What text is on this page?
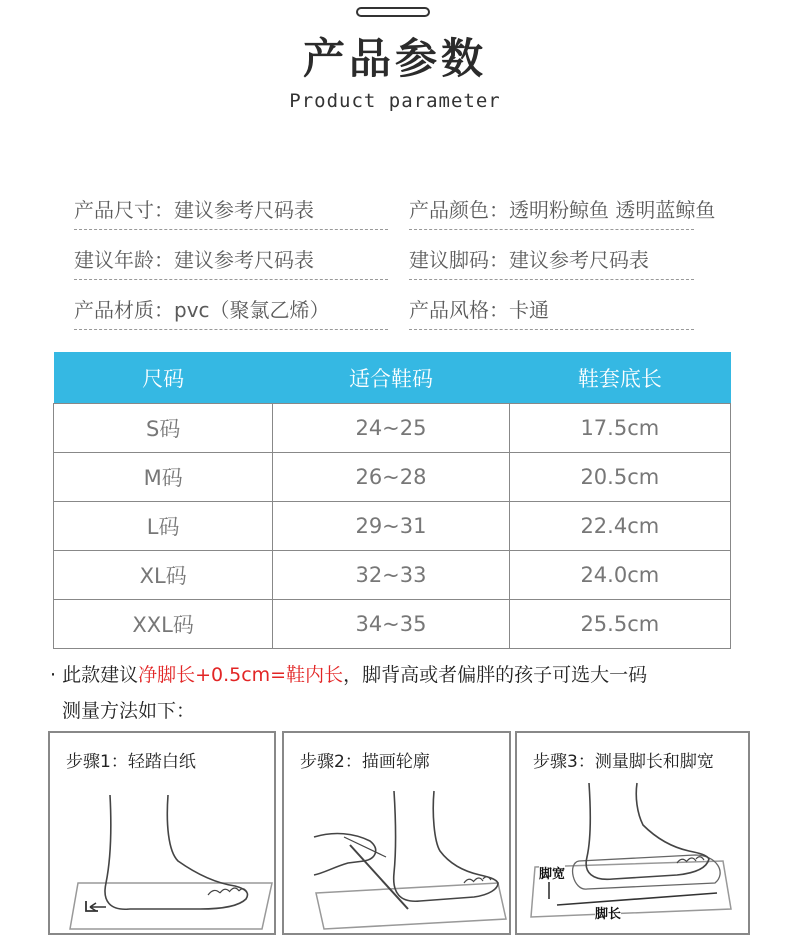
产品参数
Product parameter
产品尺寸：建议参考尺码表	产品颜色：透明粉鲸鱼 透明蓝鲸鱼
建议年龄：建议参考尺码表	建议脚码：建议参考尺码表
产品材质：pvc（聚氯乙烯）	产品风格：卡通
尺码	适合鞋码	鞋套底长
S码	24~25	17.5cm
M码	26~28	20.5cm
L码	29~31	22.4cm
XL码	32~33	24.0cm
XXL码	34~35	25.5cm
· 此款建议净脚长+0.5cm=鞋内长，脚背高或者偏胖的孩子可选大一码
测量方法如下：
步骤1：轻踏白纸	步骤2：描画轮廓	步骤3：测量脚长和脚宽
脚宽
脚长
